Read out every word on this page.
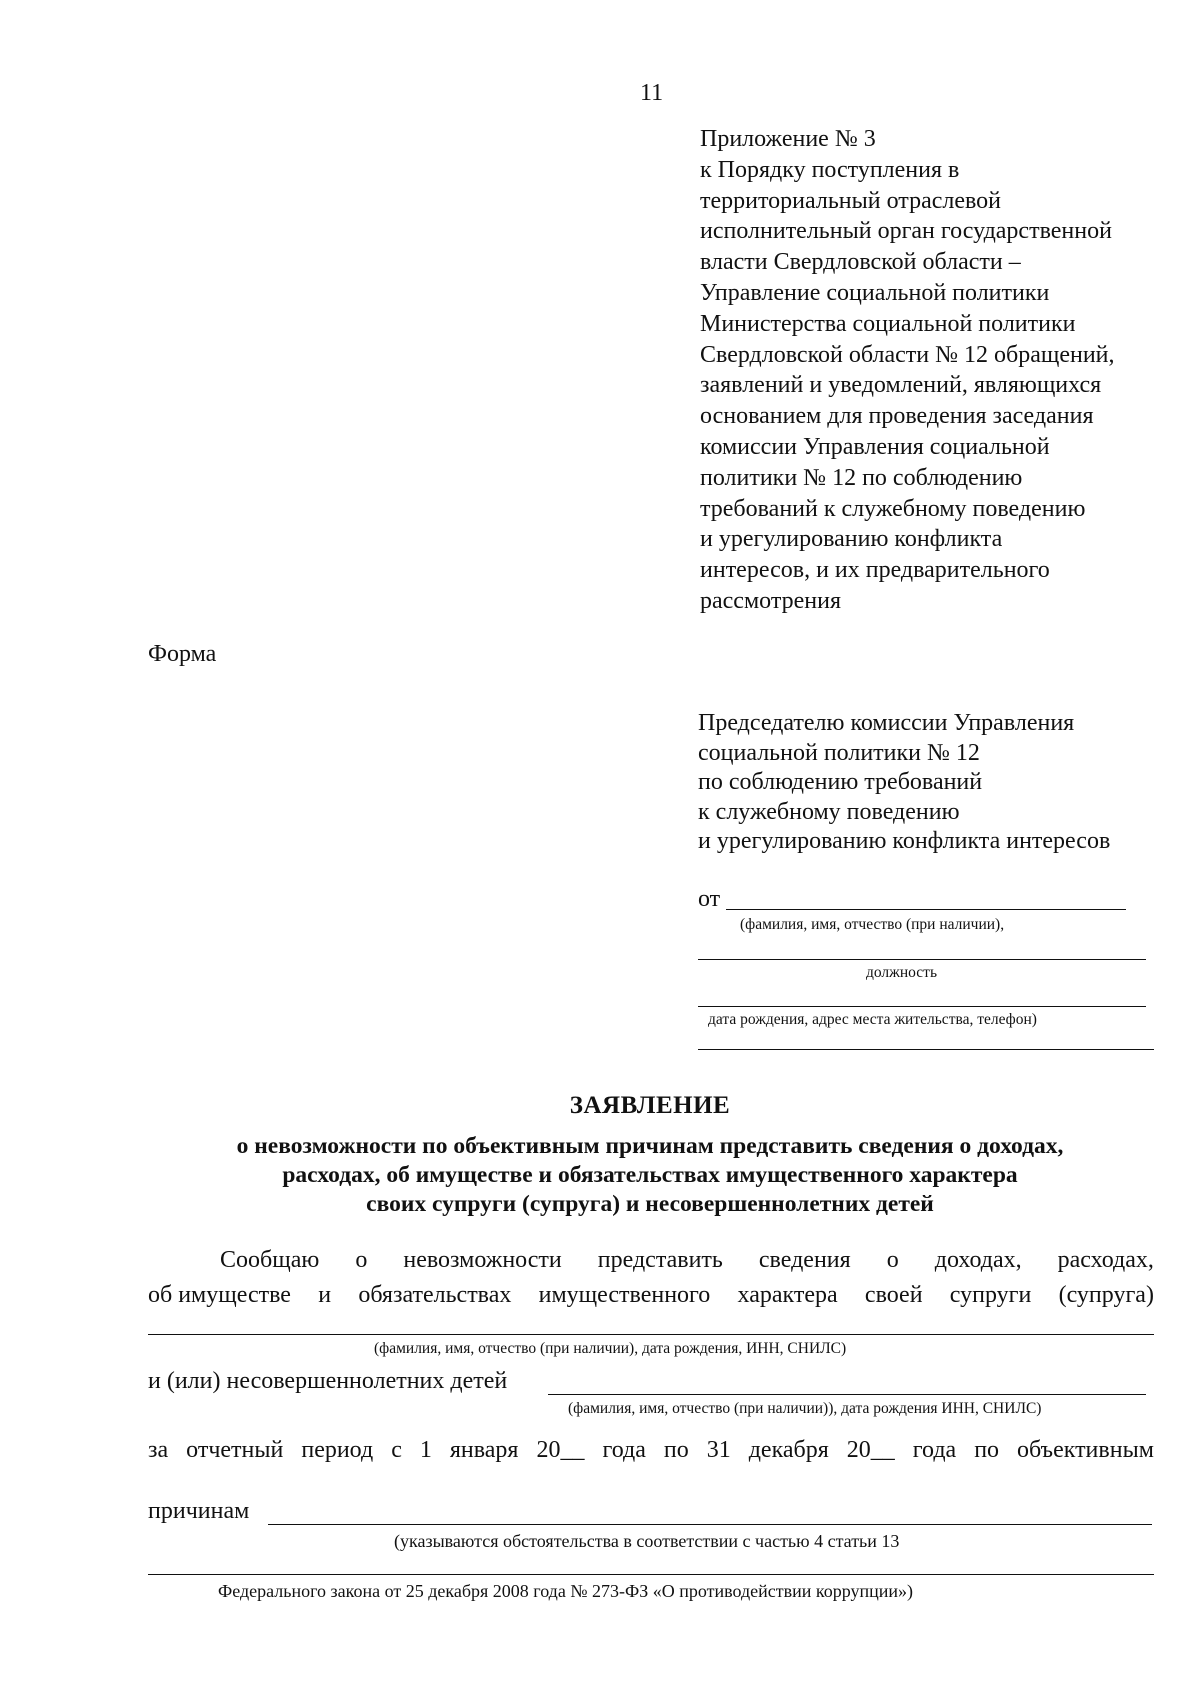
11
Приложение № 3
к Порядку поступления в
территориальный отраслевой
исполнительный орган государственной
власти Свердловской области –
Управление социальной политики
Министерства социальной политики
Свердловской области № 12 обращений,
заявлений и уведомлений, являющихся
основанием для проведения заседания
комиссии Управления социальной
политики № 12 по соблюдению
требований к служебному поведению
и урегулированию конфликта
интересов, и их предварительного
рассмотрения
Форма
Председателю комиссии Управления
социальной политики № 12
по соблюдению требований
к служебному поведению
и урегулированию конфликта интересов
от
(фамилия, имя, отчество (при наличии),
должность
дата рождения, адрес места жительства, телефон)
ЗАЯВЛЕНИЕ
о невозможности по объективным причинам представить сведения о доходах,
расходах, об имуществе и обязательствах имущественного характера
своих супруги (супруга) и несовершеннолетних детей
Сообщаю о невозможности представить сведения о доходах, расходах,
об имуществе и обязательствах имущественного характера своей супруги (супруга)
(фамилия, имя, отчество (при наличии), дата рождения, ИНН, СНИЛС)
и (или) несовершеннолетних детей
(фамилия, имя, отчество (при наличии)), дата рождения ИНН, СНИЛС)
за отчетный период с 1 января 20__ года по 31 декабря 20__ года по объективным
причинам
(указываются обстоятельства в соответствии с частью 4 статьи 13
Федерального закона от 25 декабря 2008 года № 273-ФЗ «О противодействии коррупции»)
